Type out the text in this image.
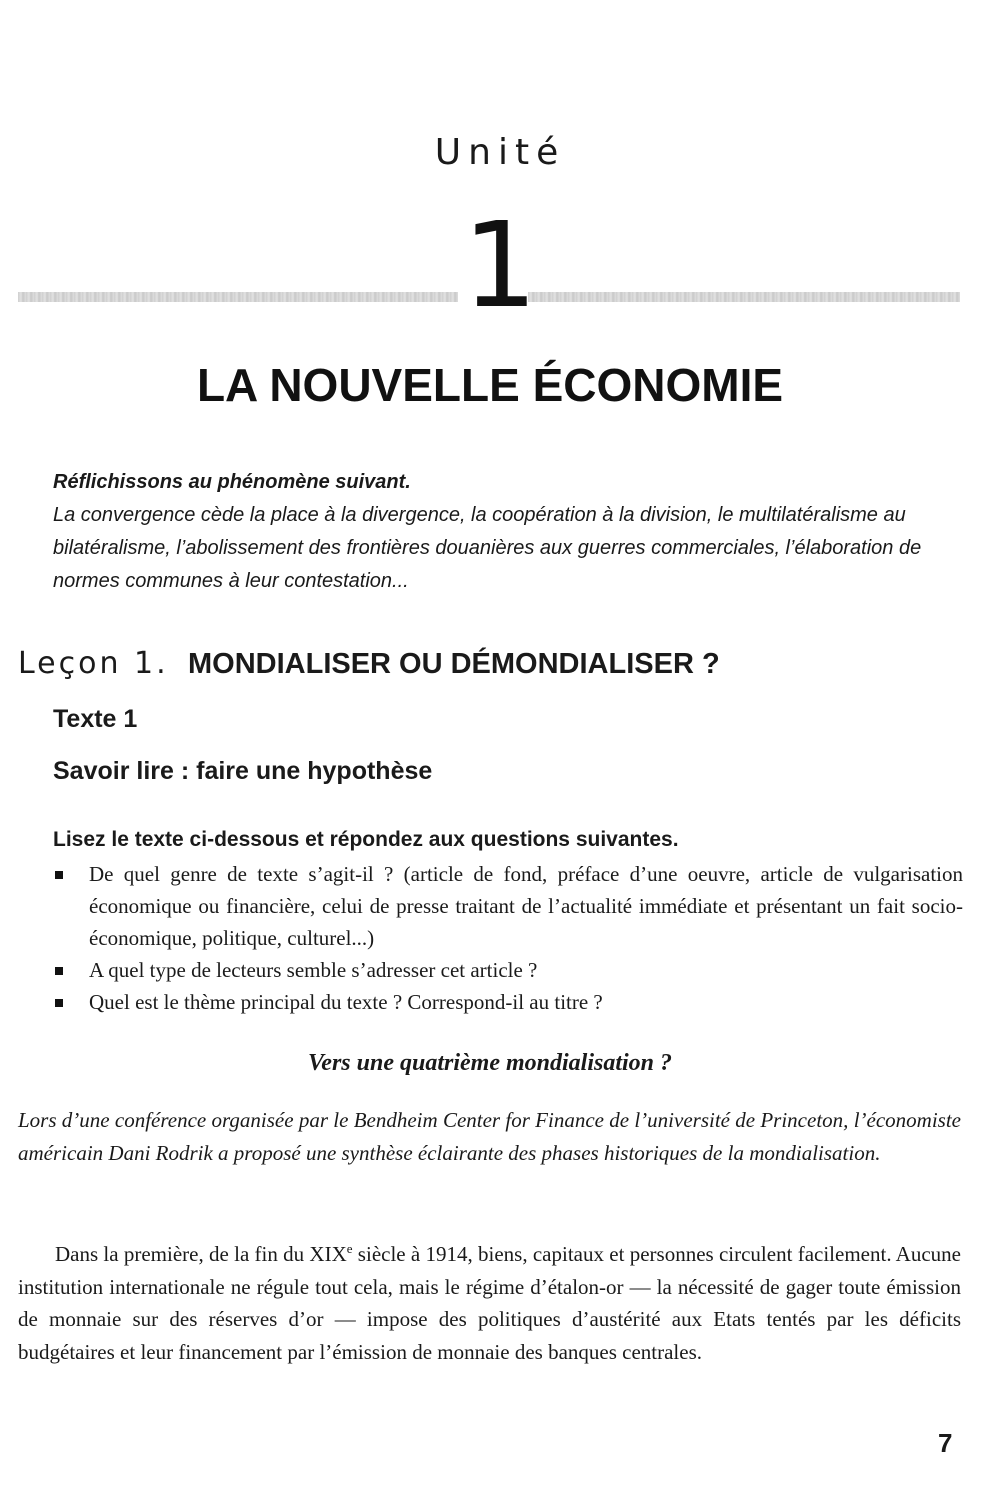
Unité
1
LA NOUVELLE ÉCONOMIE
Réflichissons au phénomène suivant.
La convergence cède la place à la divergence, la coopération à la division, le multilatéralisme au bilatéralisme, l’abolissement des frontières douanières aux guerres commerciales, l’élaboration de normes communes à leur contestation...
Leçon 1. MONDIALISER OU DÉMONDIALISER ?
Texte 1
Savoir lire : faire une hypothèse
Lisez le texte ci-dessous et répondez aux questions suivantes.
De quel genre de texte s’agit-il ? (article de fond, préface d’une oeuvre, article de vulgarisation économique ou financière, celui de presse traitant de l’actualité immédiate et présentant un fait socio-économique, politique, culturel...)
A quel type de lecteurs semble s’adresser cet article ?
Quel est le thème principal du texte ? Correspond-il au titre ?
Vers une quatrième mondialisation ?
Lors d’une conférence organisée par le Bendheim Center for Finance de l’université de Princeton, l’économiste américain Dani Rodrik a proposé une synthèse éclairante des phases historiques de la mondialisation.

Dans la première, de la fin du XIXe siècle à 1914, biens, capitaux et personnes circulent facilement. Aucune institution internationale ne régule tout cela, mais le régime d’étalon-or — la nécessité de gager toute émission de monnaie sur des réserves d’or — impose des politiques d’austérité aux Etats tentés par les déficits budgétaires et leur financement par l’émission de monnaie des banques centrales.

7
